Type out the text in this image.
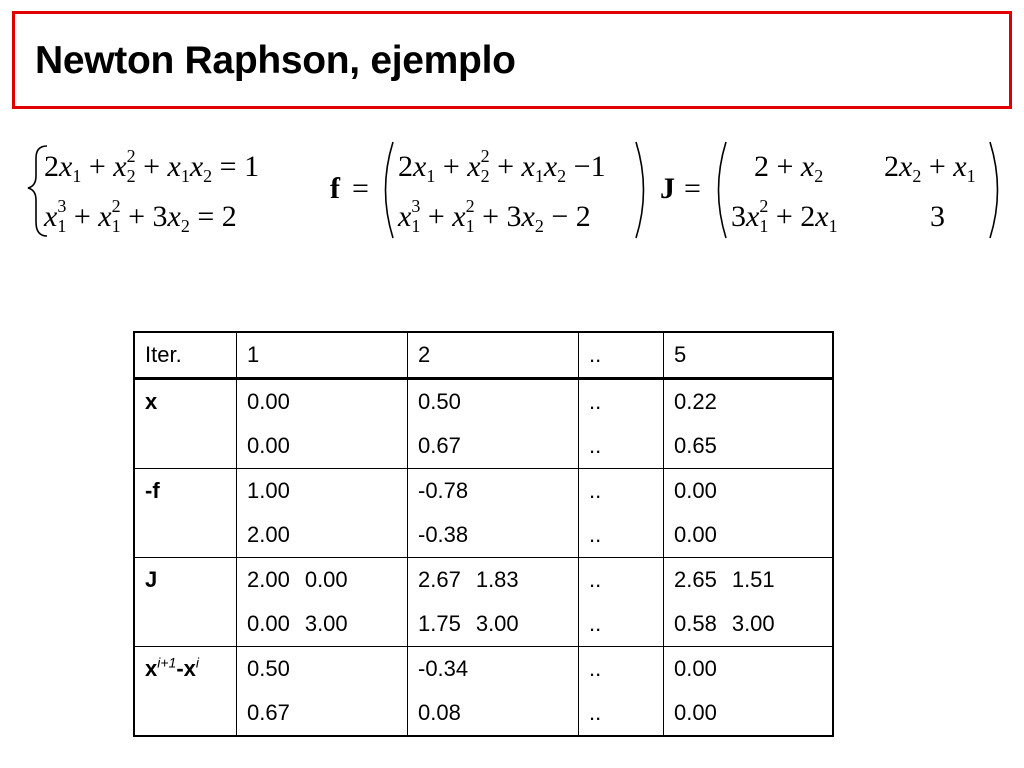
Newton Raphson, ejemplo
$2x_1 + x_22 + x_1x_2 = 1$
$x_13 + x_12 + 3x_2 = 2$
f =
$2x_1 + x_22 + x_1x_2 -1$
$x_13 + x_12 + 3x_2 - 2$
J =
$2 + x_2$ $2x_2 + x_1$
$3x_12 + 2x_1$	3
Iter.	1	2	..	5
x	0.00	0.50	..	0.22
	0.00	0.67	..	0.65
-f	1.00	-0.78	..	0.00
	2.00	-0.38	..	0.00
J	2.00 0.00	2.67 1.83	..	2.65 1.51
	0.00 3.00	1.75 3.00	..	0.58 3.00
$x^{i+1}-x^i$	0.50	-0.34	..	0.00
	0.67	0.08	..	0.00
